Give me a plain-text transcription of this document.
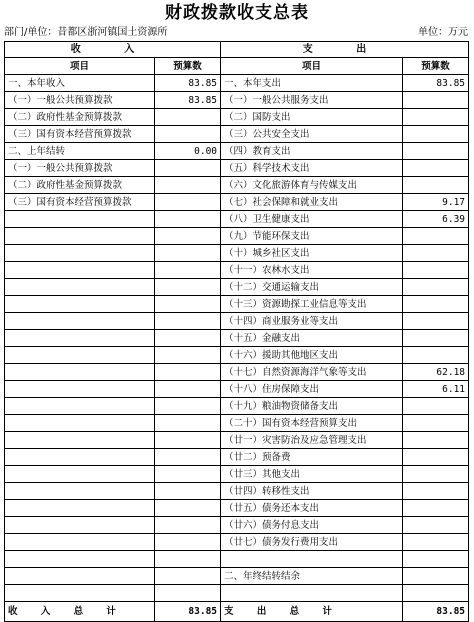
财政拨款收支总表
部门/单位：昔都区浙河镇国土资源所	单位：万元
收 入		支 出	
项目	预算数	项目	预算数
一、本年收入	83.85	一、本年支出	83.85
（一）一般公共预算拨款	83.85	（一）一般公共服务支出	
（二）政府性基金预算拨款		（二）国防支出	
（三）国有资本经营预算拨款		（三）公共安全支出	
二、上年结转	0.00	（四）教育支出	
（一）一般公共预算拨款		（五）科学技术支出	
（二）政府性基金预算拨款		（六）文化旅游体育与传媒支出	
（三）国有资本经营预算拨款		（七）社会保障和就业支出	9.17
		（八）卫生健康支出	6.39
		（九）节能环保支出	
		（十）城乡社区支出	
		（十一）农林水支出	
		（十二）交通运输支出	
		（十三）资源勘探工业信息等支出	
		（十四）商业服务业等支出	
		（十五）金融支出	
		（十六）援助其他地区支出	
		（十七）自然资源海洋气象等支出	62.18
		（十八）住房保障支出	6.11
		（十九）粮油物资储备支出	
		（二十）国有资本经营预算支出	
		（廿一）灾害防治及应急管理支出	
		（廿二）预备费	
		（廿三）其他支出	
		（廿四）转移性支出	
		（廿五）债务还本支出	
		（廿六）债务付息支出	
		（廿七）债务发行费用支出	

		二、年终结转结余	

收 入 总 计	83.85	支 出 总 计	83.85
